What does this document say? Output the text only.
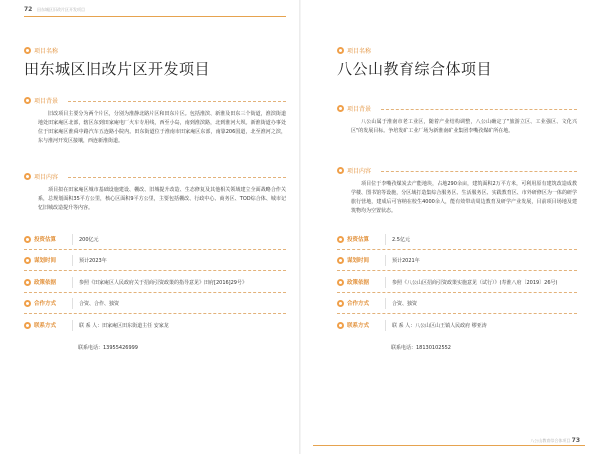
72 田东城区旧改片区开发项目
项目名称
田东城区旧改片区开发项目
项目背景
旧改项目主要分为两个片区，分别为淮静北路片区和田东片区。包括淮滨、新淮及田东三个街道，淮滨街道地处田家庵区北部，辖区东到田家庵电厂火车专用线，西至小岛，南到淮滨路，北到淮河大坝。新淮街道办事处位于田家庵区淮舜中路汽车五连路小院内。田东街道位于淮南市田家庵区东部，南靠206国道，北至淮河之滨，东与淮河开发区接壤，西连新淮街道。
项目内容
项目拟在田家庵区城市基础设施建设、棚改、旧城提升改造、生态修复及其他相关领域建立全面战略合作关系，总规划面积35平方公里，核心区面积9平方公里，主要包括棚改、行政中心、商务区、TOD综合体、城市记忆旧城改造提升等内容。
投资估算	200亿元
谋划时间	预计2023年
政策依据	参照《田家庵区人民政府关于招商引资政策的指导意见》田府[2016]29号》
合作方式	合资、合作、独资
联系方式	联 系 人：田家庵区田东街道主任 安家龙
联系电话：13955426999
项目名称
八公山教育综合体项目
项目背景
八公山属于淮南市老工业区，随着产业结构调整，八公山确定了"旅游立区、工业强区、文化兴区"的发展目标。争培发矿工业厂场为新淮南矿业集团李嘴孜煤矿所在地。
项目内容
项目位于李嘴孜煤炭去产能地块，占地290余亩，建筑面积2万平方米，可利用原有建筑改造成教学楼、图书馆等设施，分区域打造集综合服务区、生活服务区、实践教育区、市外研修区为一体的研学旅行营地，建成后可容纳在校生4000余人，能有效带动周边教育及研学产业发展，目前项目场地及建筑物均为空置状态。
投资估算	2.5亿元
谋划时间	预计2021年
政策依据	参照《八公山区招商引资政策实施意见（试行）》(寿淮八府〔2019〕26号)
合作方式	合资、独资
联系方式	联 系 人：八公山区山王镇人民政府 缪亚涛
联系电话：18130102552
八公山教育综合体项目 73
